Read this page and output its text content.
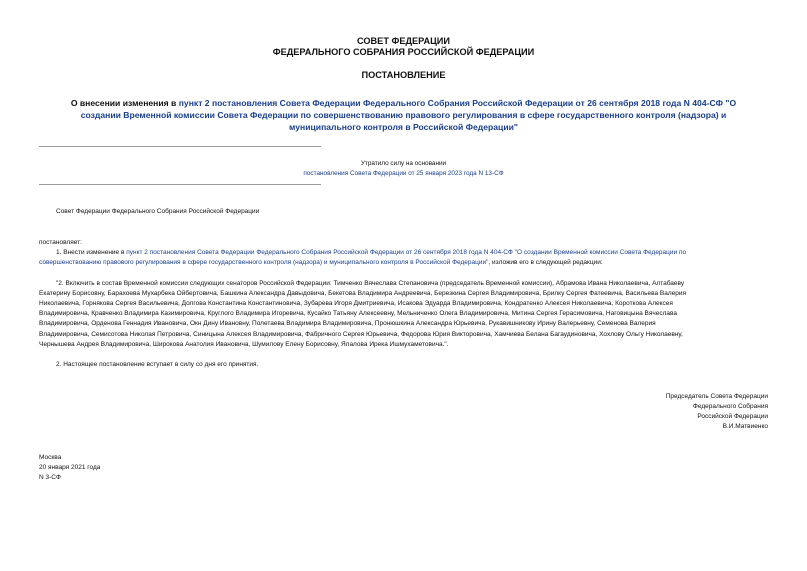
СОВЕТ ФЕДЕРАЦИИ
ФЕДЕРАЛЬНОГО СОБРАНИЯ РОССИЙСКОЙ ФЕДЕРАЦИИ
ПОСТАНОВЛЕНИЕ
О внесении изменения в пункт 2 постановления Совета Федерации Федерального Собрания Российской Федерации от 26 сентября 2018 года N 404-СФ "О создании Временной комиссии Совета Федерации по совершенствованию правового регулирования в сфере государственного контроля (надзора) и муниципального контроля в Российской Федерации"
Утратило силу на основании
постановления Совета Федерации от 25 января 2023 года N 13-СФ
Совет Федерации Федерального Собрания Российской Федерации
постановляет:
1. Внести изменение в пункт 2 постановления Совета Федерации Федерального Собрания Российской Федерации от 26 сентября 2018 года N 404-СФ "О создании Временной комиссии Совета Федерации по
совершенствованию правового регулирования в сфере государственного контроля (надзора) и муниципального контроля в Российской Федерации", изложив его в следующей редакции:
"2. Включить в состав Временной комиссии следующих сенаторов Российской Федерации: Тимченко Вячеслава Степановича (председатель Временной комиссии), Абрамова Ивана Николаевича, Алтабаеву
Екатерину Борисовну, Барахоева Мухарбека Ойбертовича, Башкина Александра Давыдовича, Бекетова Владимира Андреевича, Березкина Сергея Владимировича, Брилку Сергея Фатеевича, Васильева Валерия
Николаевича, Горнякова Сергея Васильевича, Долгова Константина Константиновича, Зубарева Игоря Дмитриевича, Исакова Эдуарда Владимировича, Кондратенко Алексея Николаевича, Короткова Алексея
Владимировича, Кравченко Владимира Казимировича, Круглого Владимира Игоревича, Кусайко Татьяну Алексеевну, Мельниченко Олега Владимировича, Митина Сергея Герасимовича, Наговицына Вячеслава
Владимировича, Орденова Геннадия Ивановича, Окн Дину Ивановну, Полетаева Владимира Владимировича, Пронюшкина Александра Юрьевича, Рукавишникову Ирину Валерьевну, Семенова Валерия
Владимировича, Семисотова Николая Петровича, Синицына Алексея Владимировича, Фабричного Сергея Юрьевича, Федорова Юрия Викторовича, Хамчиева Белана Багаудиновича, Хохлову Ольгу Николаевну,
Чернышева Андрея Владимировича, Широкова Анатолия Ивановича, Шумилову Елену Борисовну, Ялалова Ирека Ишмухаметовича.".
2. Настоящее постановление вступает в силу со дня его принятия.
Председатель Совета Федерации
Федерального Собрания
Российской Федерации
В.И.Матвиенко
Москва
20 января 2021 года
N 3-СФ
